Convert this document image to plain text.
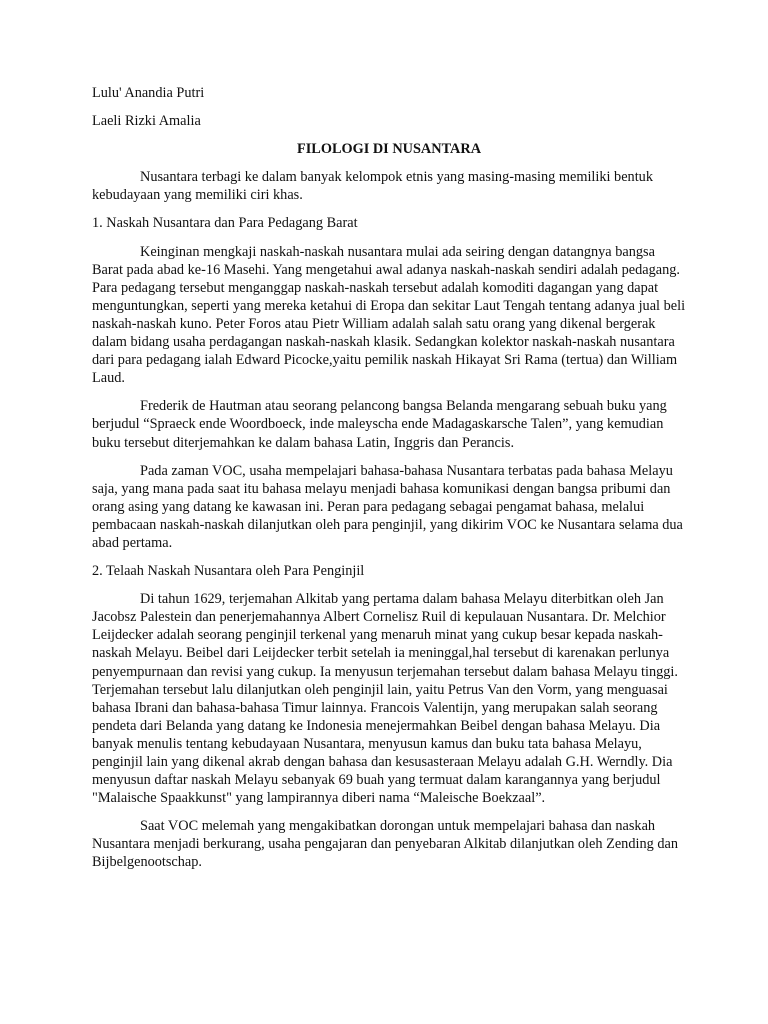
Lulu' Anandia Putri

Laeli Rizki Amalia

FILOLOGI DI NUSANTARA

Nusantara terbagi ke dalam banyak kelompok etnis yang masing-masing memiliki bentuk kebudayaan yang memiliki ciri khas.

1. Naskah Nusantara dan Para Pedagang Barat

Keinginan mengkaji naskah-naskah nusantara mulai ada seiring dengan datangnya bangsa Barat pada abad ke-16 Masehi. Yang mengetahui awal adanya naskah-naskah sendiri adalah pedagang. Para pedagang tersebut menganggap naskah-naskah tersebut adalah komoditi dagangan yang dapat menguntungkan, seperti yang mereka ketahui di Eropa dan sekitar Laut Tengah tentang adanya jual beli naskah-naskah kuno. Peter Foros atau Pietr William adalah salah satu orang yang dikenal bergerak dalam bidang usaha perdagangan naskah-naskah klasik. Sedangkan kolektor naskah-naskah nusantara dari para pedagang ialah Edward Picocke,yaitu pemilik naskah Hikayat Sri Rama (tertua) dan William Laud.

Frederik de Hautman atau seorang pelancong bangsa Belanda mengarang sebuah buku yang berjudul “Spraeck ende Woordboeck, inde maleyscha ende Madagaskarsche Talen”, yang kemudian buku tersebut diterjemahkan ke dalam bahasa Latin, Inggris dan Perancis.

Pada zaman VOC, usaha mempelajari bahasa-bahasa Nusantara terbatas pada bahasa Melayu saja, yang mana pada saat itu bahasa melayu menjadi bahasa komunikasi dengan bangsa pribumi dan orang asing yang datang ke kawasan ini. Peran para pedagang sebagai pengamat bahasa, melalui pembacaan naskah-naskah dilanjutkan oleh para penginjil, yang dikirim VOC ke Nusantara selama dua abad pertama.

2. Telaah Naskah Nusantara oleh Para Penginjil

Di tahun 1629, terjemahan Alkitab yang pertama dalam bahasa Melayu diterbitkan oleh Jan Jacobsz Palestein dan penerjemahannya Albert Cornelisz Ruil di kepulauan Nusantara. Dr. Melchior Leijdecker adalah seorang penginjil terkenal yang menaruh minat yang cukup besar kepada naskah-naskah Melayu. Beibel dari Leijdecker terbit setelah ia meninggal,hal tersebut di karenakan perlunya penyempurnaan dan revisi yang cukup. Ia menyusun terjemahan tersebut dalam bahasa Melayu tinggi. Terjemahan tersebut lalu dilanjutkan oleh penginjil lain, yaitu Petrus Van den Vorm, yang menguasai bahasa Ibrani dan bahasa-bahasa Timur lainnya. Francois Valentijn, yang merupakan salah seorang pendeta dari Belanda yang datang ke Indonesia menejermahkan Beibel dengan bahasa Melayu. Dia banyak menulis tentang kebudayaan Nusantara, menyusun kamus dan buku tata bahasa Melayu, penginjil lain yang dikenal akrab dengan bahasa dan kesusasteraan Melayu adalah G.H. Werndly. Dia menyusun daftar naskah Melayu sebanyak 69 buah yang termuat dalam karangannya yang berjudul "Malaische Spaakkunst" yang lampirannya diberi nama “Maleische Boekzaal”.

Saat VOC melemah yang mengakibatkan dorongan untuk mempelajari bahasa dan naskah Nusantara menjadi berkurang, usaha pengajaran dan penyebaran Alkitab dilanjutkan oleh Zending dan Bijbelgenootschap.
